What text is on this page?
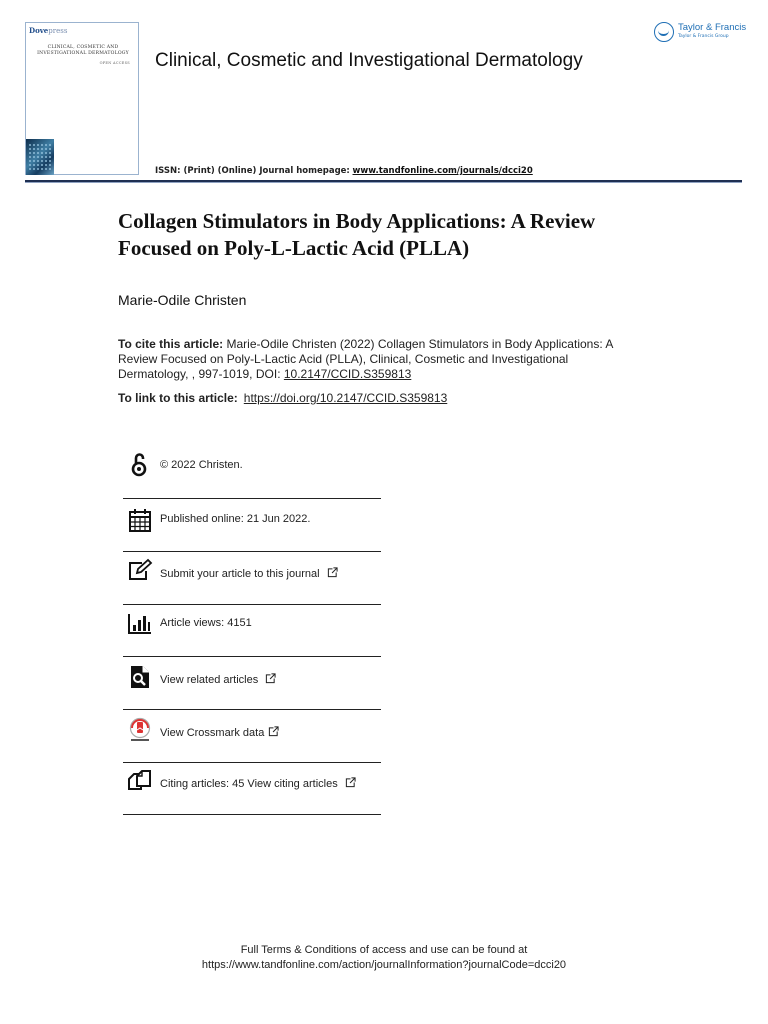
Dovepress
CLINICAL, COSMETIC AND
INVESTIGATIONAL DERMATOLOGY
OPEN ACCESS Clinical, Cosmetic and Investigational Dermatology
ISSN: (Print) (Online) Journal homepage: www.tandfonline.com/journals/dcci20
Taylor & Francis
Taylor & Francis Group
Collagen Stimulators in Body Applications: A Review
Focused on Poly-L-Lactic Acid (PLLA)
Marie-Odile Christen
To cite this article: Marie-Odile Christen (2022) Collagen Stimulators in Body Applications: A Review Focused on Poly-L-Lactic Acid (PLLA), Clinical, Cosmetic and Investigational Dermatology, , 997-1019, DOI: 10.2147/CCID.S359813
To link to this article: https://doi.org/10.2147/CCID.S359813
© 2022 Christen.
Published online: 21 Jun 2022.
Submit your article to this journal
Article views: 4151
View related articles
View Crossmark data
Citing articles: 45 View citing articles
Full Terms & Conditions of access and use can be found at
https://www.tandfonline.com/action/journalInformation?journalCode=dcci20
